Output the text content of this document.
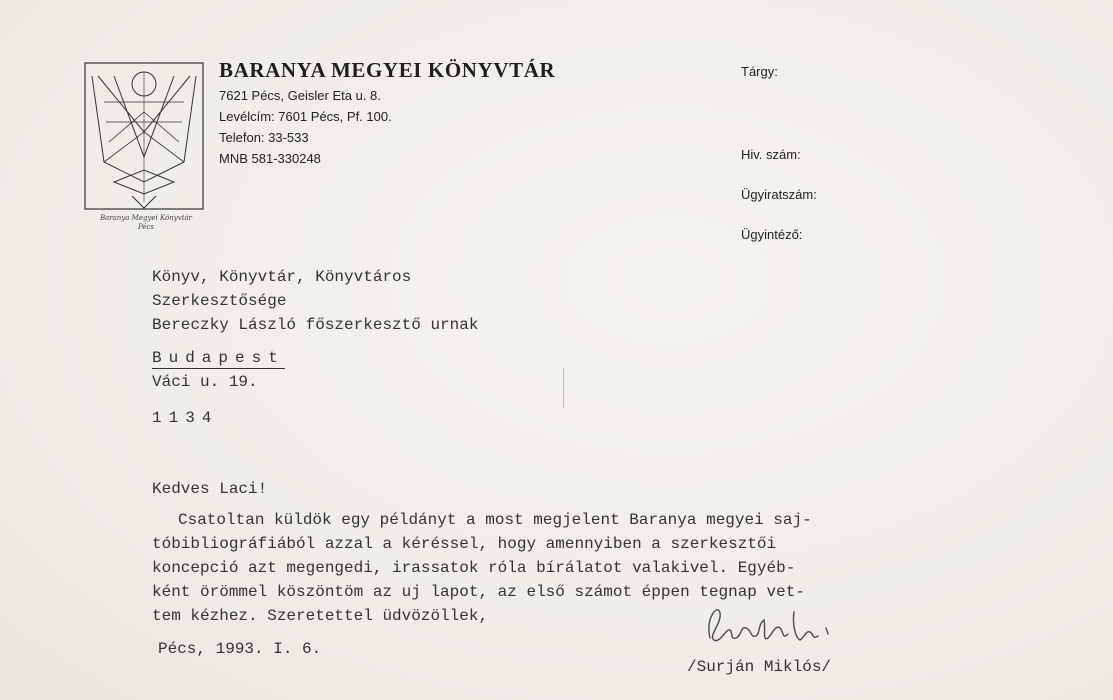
Baranya Megyei Könyvtár
Pécs
BARANYA MEGYEI KÖNYVTÁR
7621 Pécs, Geisler Eta u. 8.
Levélcím: 7601 Pécs, Pf. 100.
Telefon: 33-533
MNB 581-330248
Tárgy:
Hiv. szám:
Ügyiratszám:
Ügyintéző:
Könyv, Könyvtár, Könyvtáros
Szerkesztősége
Bereczky László főszerkesztő urnak
Budapest
Váci u. 19.
1134
Kedves Laci!
Csatoltan küldök egy példányt a most megjelent Baranya megyei saj-
tóbibliográfiából azzal a kéréssel, hogy amennyiben a szerkesztői
koncepció azt megengedi, irassatok róla bírálatot valakivel. Egyéb-
ként örömmel köszöntöm az uj lapot, az első számot éppen tegnap vet-
tem kézhez. Szeretettel üdvözöllek,
Pécs, 1993. I. 6.
/Surján Miklós/
